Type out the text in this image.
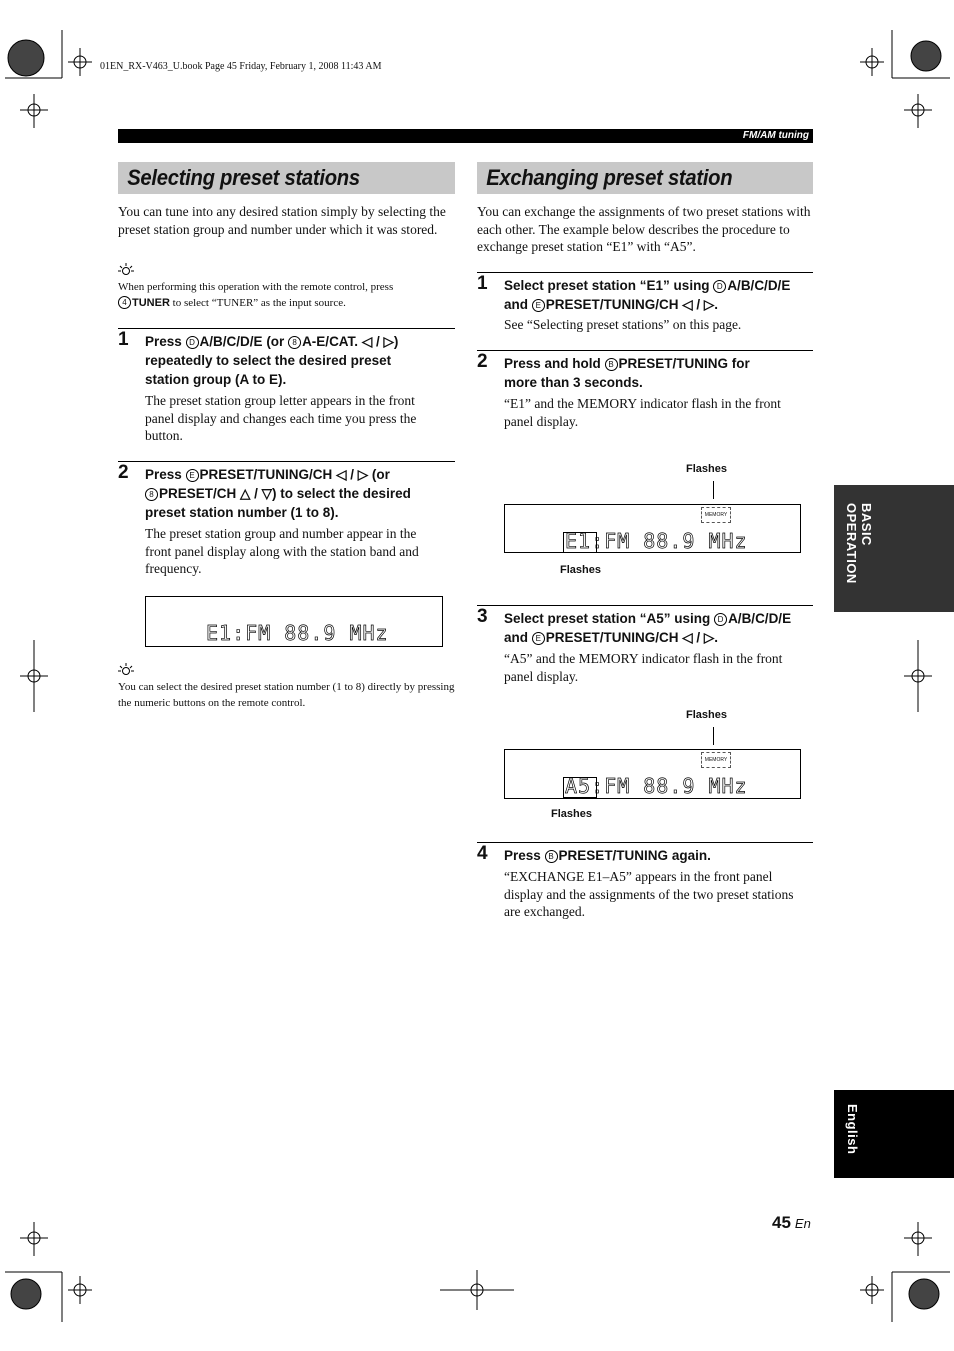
01EN_RX-V463_U.book Page 45 Friday, February 1, 2008 11:43 AM
FM/AM tuning
Selecting preset stations
You can tune into any desired station simply by selecting the preset station group and number under which it was stored.
When performing this operation with the remote control, press
4 TUNER to select “TUNER” as the input source.
1 Press D A/B/C/D/E (or 8 A-E/CAT. ◁ / ▷)
repeatedly to select the desired preset
station group (A to E).
The preset station group letter appears in the front panel display and changes each time you press the button.
2 Press E PRESET/TUNING/CH ◁ / ▷ (or
8 PRESET/CH △ / ▽) to select the desired
preset station number (1 to 8).
The preset station group and number appear in the front panel display along with the station band and frequency.
E1:FM 88.9 MHz
You can select the desired preset station number (1 to 8) directly by pressing the numeric buttons on the remote control.
Exchanging preset station
You can exchange the assignments of two preset stations with each other. The example below describes the procedure to exchange preset station “E1” with “A5”.
1 Select preset station “E1” using D A/B/C/D/E
and E PRESET/TUNING/CH ◁ / ▷.
See “Selecting preset stations” on this page.
2 Press and hold B PRESET/TUNING for
more than 3 seconds.
“E1” and the MEMORY indicator flash in the front panel display.
Flashes
MEMORY
E1:FM 88.9 MHz
Flashes
3 Select preset station “A5” using D A/B/C/D/E
and E PRESET/TUNING/CH ◁ / ▷.
“A5” and the MEMORY indicator flash in the front panel display.
Flashes
MEMORY
A5:FM 88.9 MHz
Flashes
4 Press B PRESET/TUNING again.
“EXCHANGE E1–A5” appears in the front panel display and the assignments of the two preset stations are exchanged.
BASIC OPERATION
English
45 En
